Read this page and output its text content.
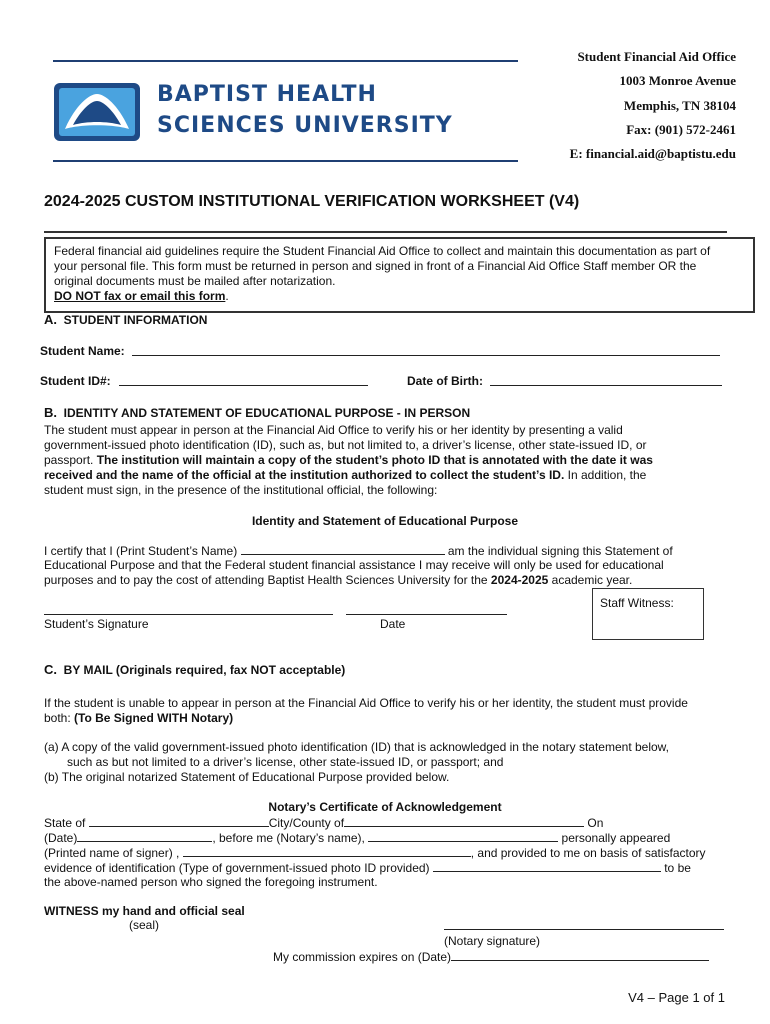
BAPTIST HEALTH
SCIENCES UNIVERSITY
Student Financial Aid Office
1003 Monroe Avenue
Memphis, TN 38104
Fax: (901) 572-2461
E: financial.aid@baptistu.edu
2024-2025 CUSTOM INSTITUTIONAL VERIFICATION WORKSHEET (V4)
Federal financial aid guidelines require the Student Financial Aid Office to collect and maintain this documentation as part of
your personal file. This form must be returned in person and signed in front of a Financial Aid Office Staff member OR the
original documents must be mailed after notarization.
DO NOT fax or email this form.
A. STUDENT INFORMATION
Student Name:
Student ID#:	Date of Birth:
B. IDENTITY AND STATEMENT OF EDUCATIONAL PURPOSE - IN PERSON
The student must appear in person at the Financial Aid Office to verify his or her identity by presenting a valid
government-issued photo identification (ID), such as, but not limited to, a driver’s license, other state-issued ID, or
passport. The institution will maintain a copy of the student’s photo ID that is annotated with the date it was
received and the name of the official at the institution authorized to collect the student’s ID. In addition, the
student must sign, in the presence of the institutional official, the following:
Identity and Statement of Educational Purpose
I certify that I (Print Student’s Name)	am the individual signing this Statement of
Educational Purpose and that the Federal student financial assistance I may receive will only be used for educational
purposes and to pay the cost of attending Baptist Health Sciences University for the 2024-2025 academic year.
Student’s Signature	Date
Staff Witness:
C. BY MAIL (Originals required, fax NOT acceptable)
If the student is unable to appear in person at the Financial Aid Office to verify his or her identity, the student must provide
both: (To Be Signed WITH Notary)
(a) A copy of the valid government-issued photo identification (ID) that is acknowledged in the notary statement below,
such as but not limited to a driver’s license, other state-issued ID, or passport; and
(b) The original notarized Statement of Educational Purpose provided below.
Notary’s Certificate of Acknowledgement
State of	City/County of	On
(Date)	, before me (Notary’s name),	personally appeared
(Printed name of signer) ,	, and provided to me on basis of satisfactory
evidence of identification (Type of government-issued photo ID provided)	to be
the above-named person who signed the foregoing instrument.
WITNESS my hand and official seal
(seal)
(Notary signature)
My commission expires on (Date)
V4 – Page 1 of 1
